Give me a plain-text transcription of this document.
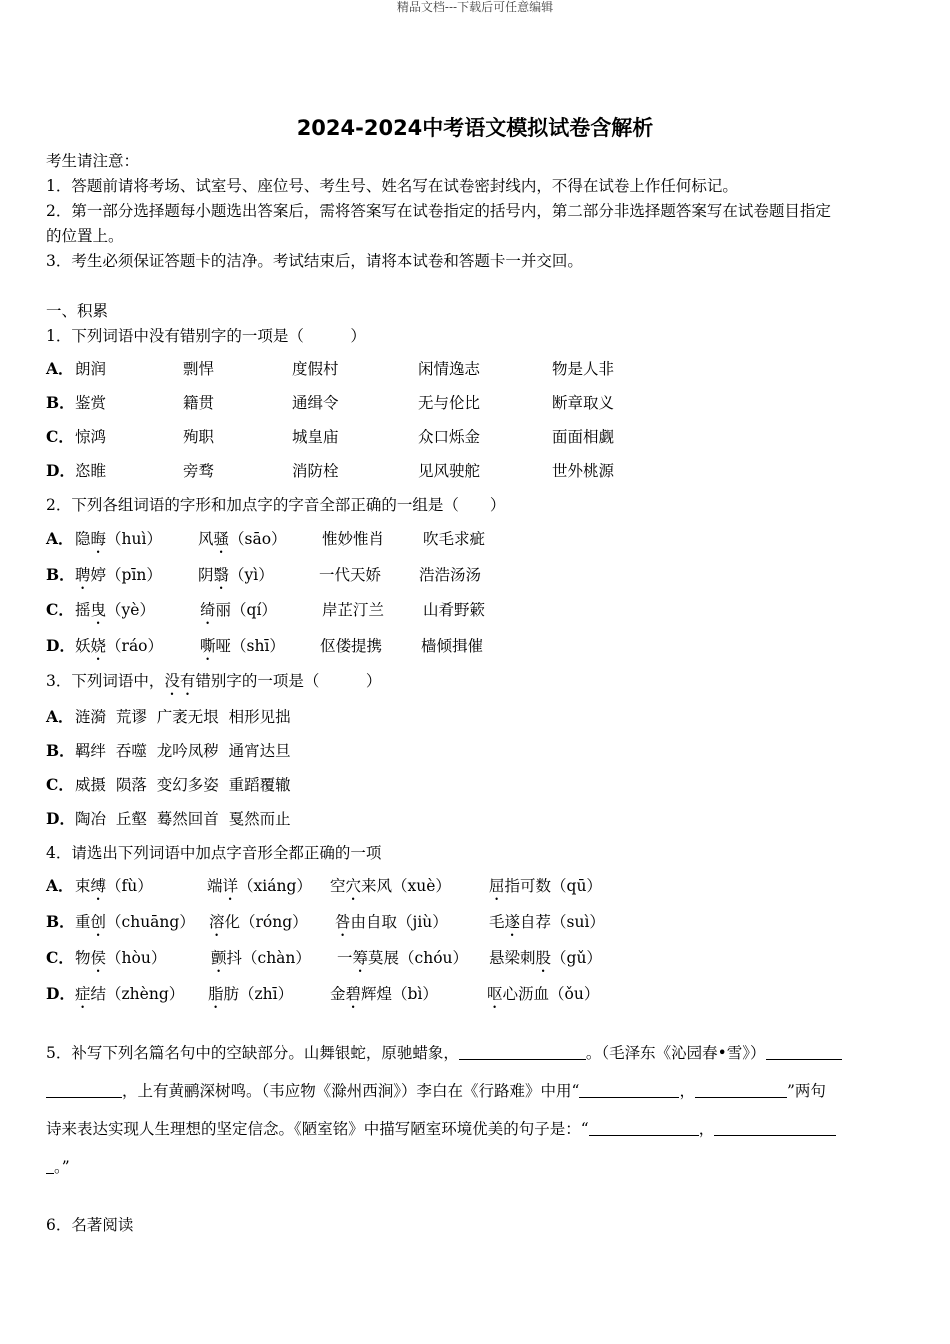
精品文档---下载后可任意编辑
2024-2024中考语文模拟试卷含解析
考生请注意：
1．答题前请将考场、试室号、座位号、考生号、姓名写在试卷密封线内，不得在试卷上作任何标记。
2．第一部分选择题每小题选出答案后，需将答案写在试卷指定的括号内，第二部分非选择题答案写在试卷题目指定
的位置上。
3．考生必须保证答题卡的洁净。考试结束后，请将本试卷和答题卡一并交回。
一、积累
1．下列词语中没有错别字的一项是（　　　）
A． 朗润	剽悍	度假村	闲情逸志	物是人非
B． 鉴赏	籍贯	通缉令	无与伦比	断章取义
C． 惊鸿	殉职	城皇庙	众口烁金	面面相觑
D． 恣睢	旁骛	消防栓	见风驶舵	世外桃源
2．下列各组词语的字形和加点字的字音全部正确的一组是（　　）
A． 隐晦（huì） 风骚（sāo） 惟妙惟肖	吹毛求疵
B． 聘婷（pīn） 阴翳（yì）	一代天娇 浩浩汤汤
C． 摇曳（yè）	绮丽（qí）	岸芷汀兰	山肴野簌
D． 妖娆（ráo） 嘶哑（shī） 伛偻提携	樯倾揖催
3．下列词语中，没有错别字的一项是（　　　）
A． 涟漪  荒谬  广袤无垠  相形见拙
B． 羁绊  吞噬  龙吟凤秽  通宵达旦
C． 威摄  陨落  变幻多姿  重蹈覆辙
D． 陶冶  丘壑  蓦然回首  戛然而止
4．请选出下列词语中加点字音形全都正确的一项
A． 束缚（fù）	端详（xiáng） 空穴来风（xuè） 屈指可数（qū）
B． 重创（chuāng） 溶化（róng） 咎由自取（jiù）	毛遂自荐（suì）
C． 物侯（hòu）	颤抖（chàn） 一筹莫展（chóu） 悬梁刺股（gǔ）
D． 症结（zhèng） 脂肪（zhī） 金碧辉煌（bì）	呕心沥血（ǒu）
5．补写下列名篇名句中的空缺部分。山舞银蛇，原驰蜡象，	。（毛泽东《沁园春•雪》）
，上有黄鹂深树鸣。（韦应物《滁州西涧》）李白在《行路难》中用“	，	”两句
诗来表达实现人生理想的坚定信念。《陋室铭》中描写陋室环境优美的句子是：“	，
。”
6．名著阅读
